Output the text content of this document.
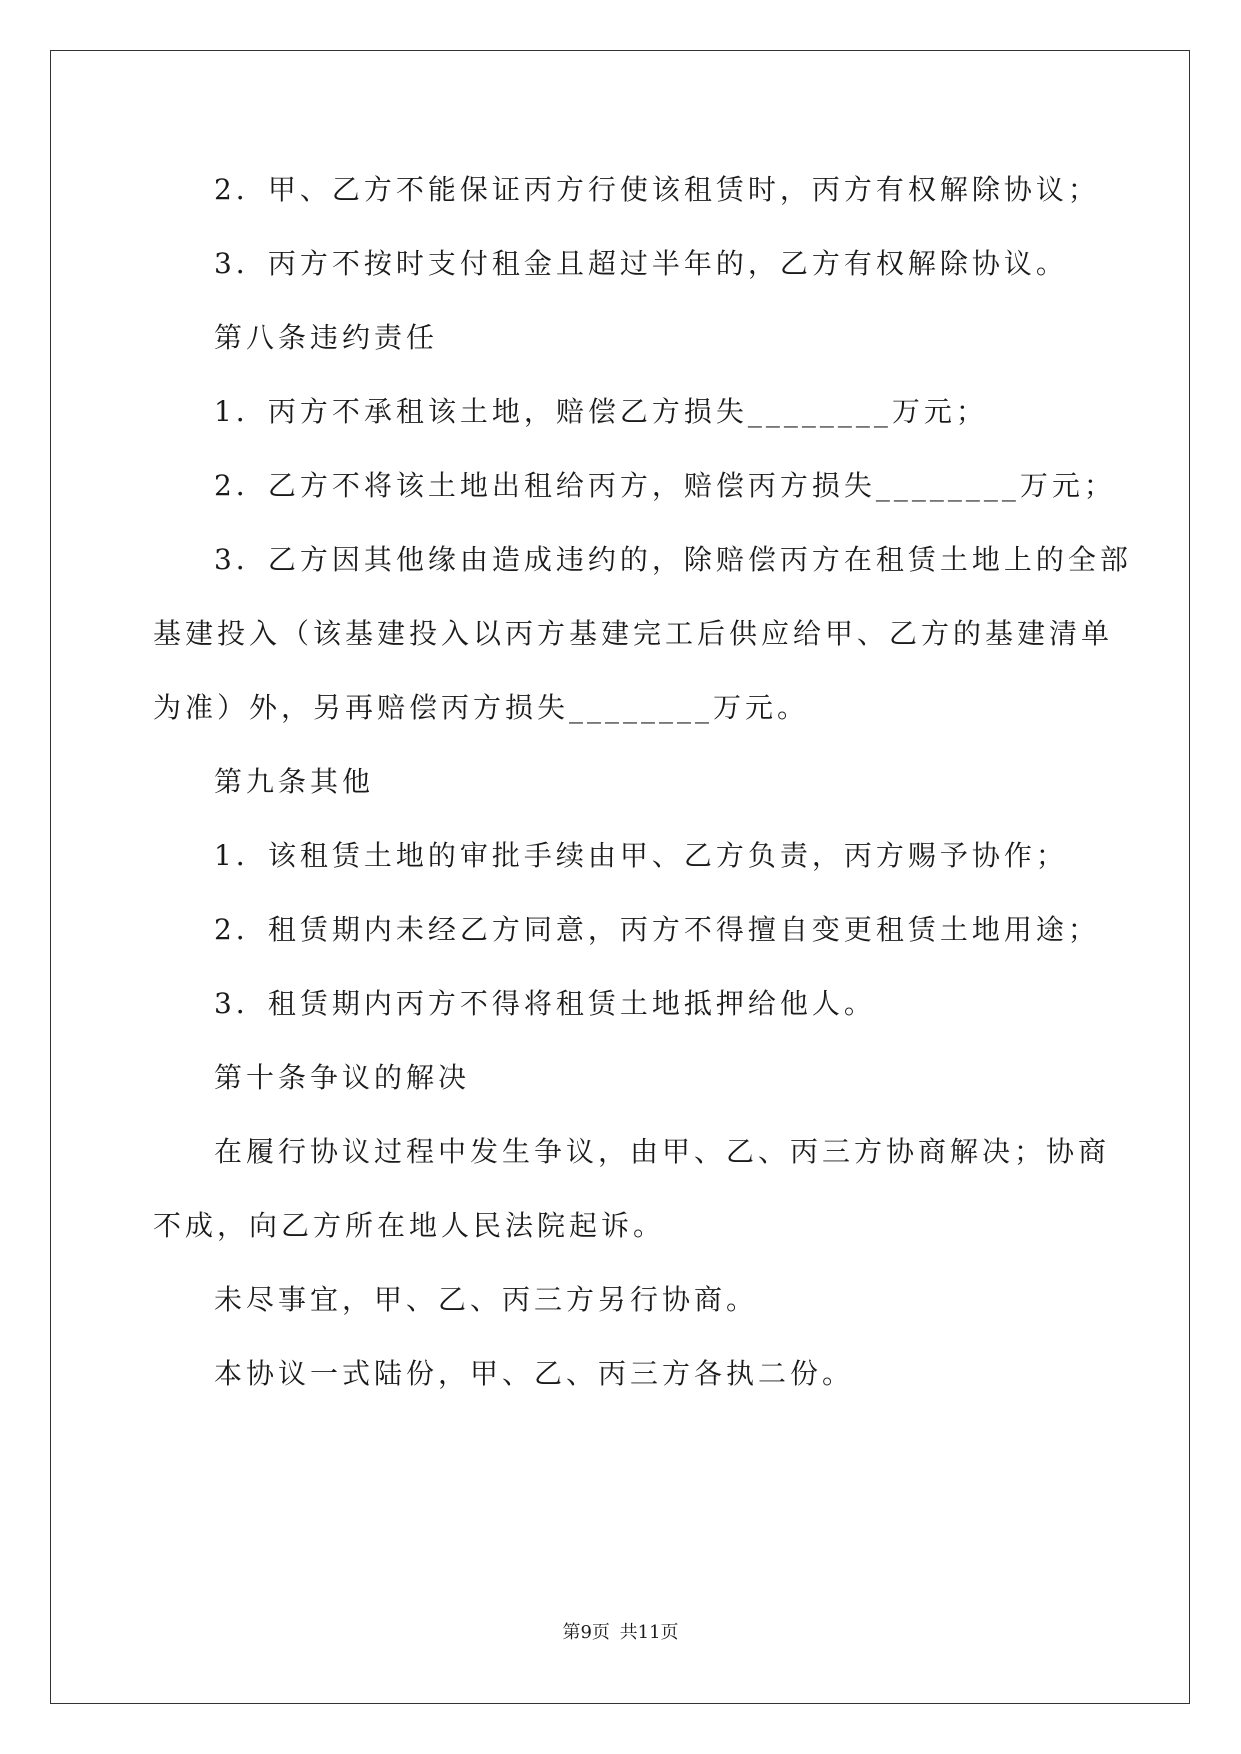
2．甲、乙方不能保证丙方行使该租赁时，丙方有权解除协议；
3．丙方不按时支付租金且超过半年的，乙方有权解除协议。
第八条违约责任
1．丙方不承租该土地，赔偿乙方损失________万元；
2．乙方不将该土地出租给丙方，赔偿丙方损失________万元；
3．乙方因其他缘由造成违约的，除赔偿丙方在租赁土地上的全部
基建投入（该基建投入以丙方基建完工后供应给甲、乙方的基建清单
为准）外，另再赔偿丙方损失________万元。
第九条其他
1．该租赁土地的审批手续由甲、乙方负责，丙方赐予协作；
2．租赁期内未经乙方同意，丙方不得擅自变更租赁土地用途；
3．租赁期内丙方不得将租赁土地抵押给他人。
第十条争议的解决
在履行协议过程中发生争议，由甲、乙、丙三方协商解决；协商
不成，向乙方所在地人民法院起诉。
未尽事宜，甲、乙、丙三方另行协商。
本协议一式陆份，甲、乙、丙三方各执二份。
第9页 共11页
